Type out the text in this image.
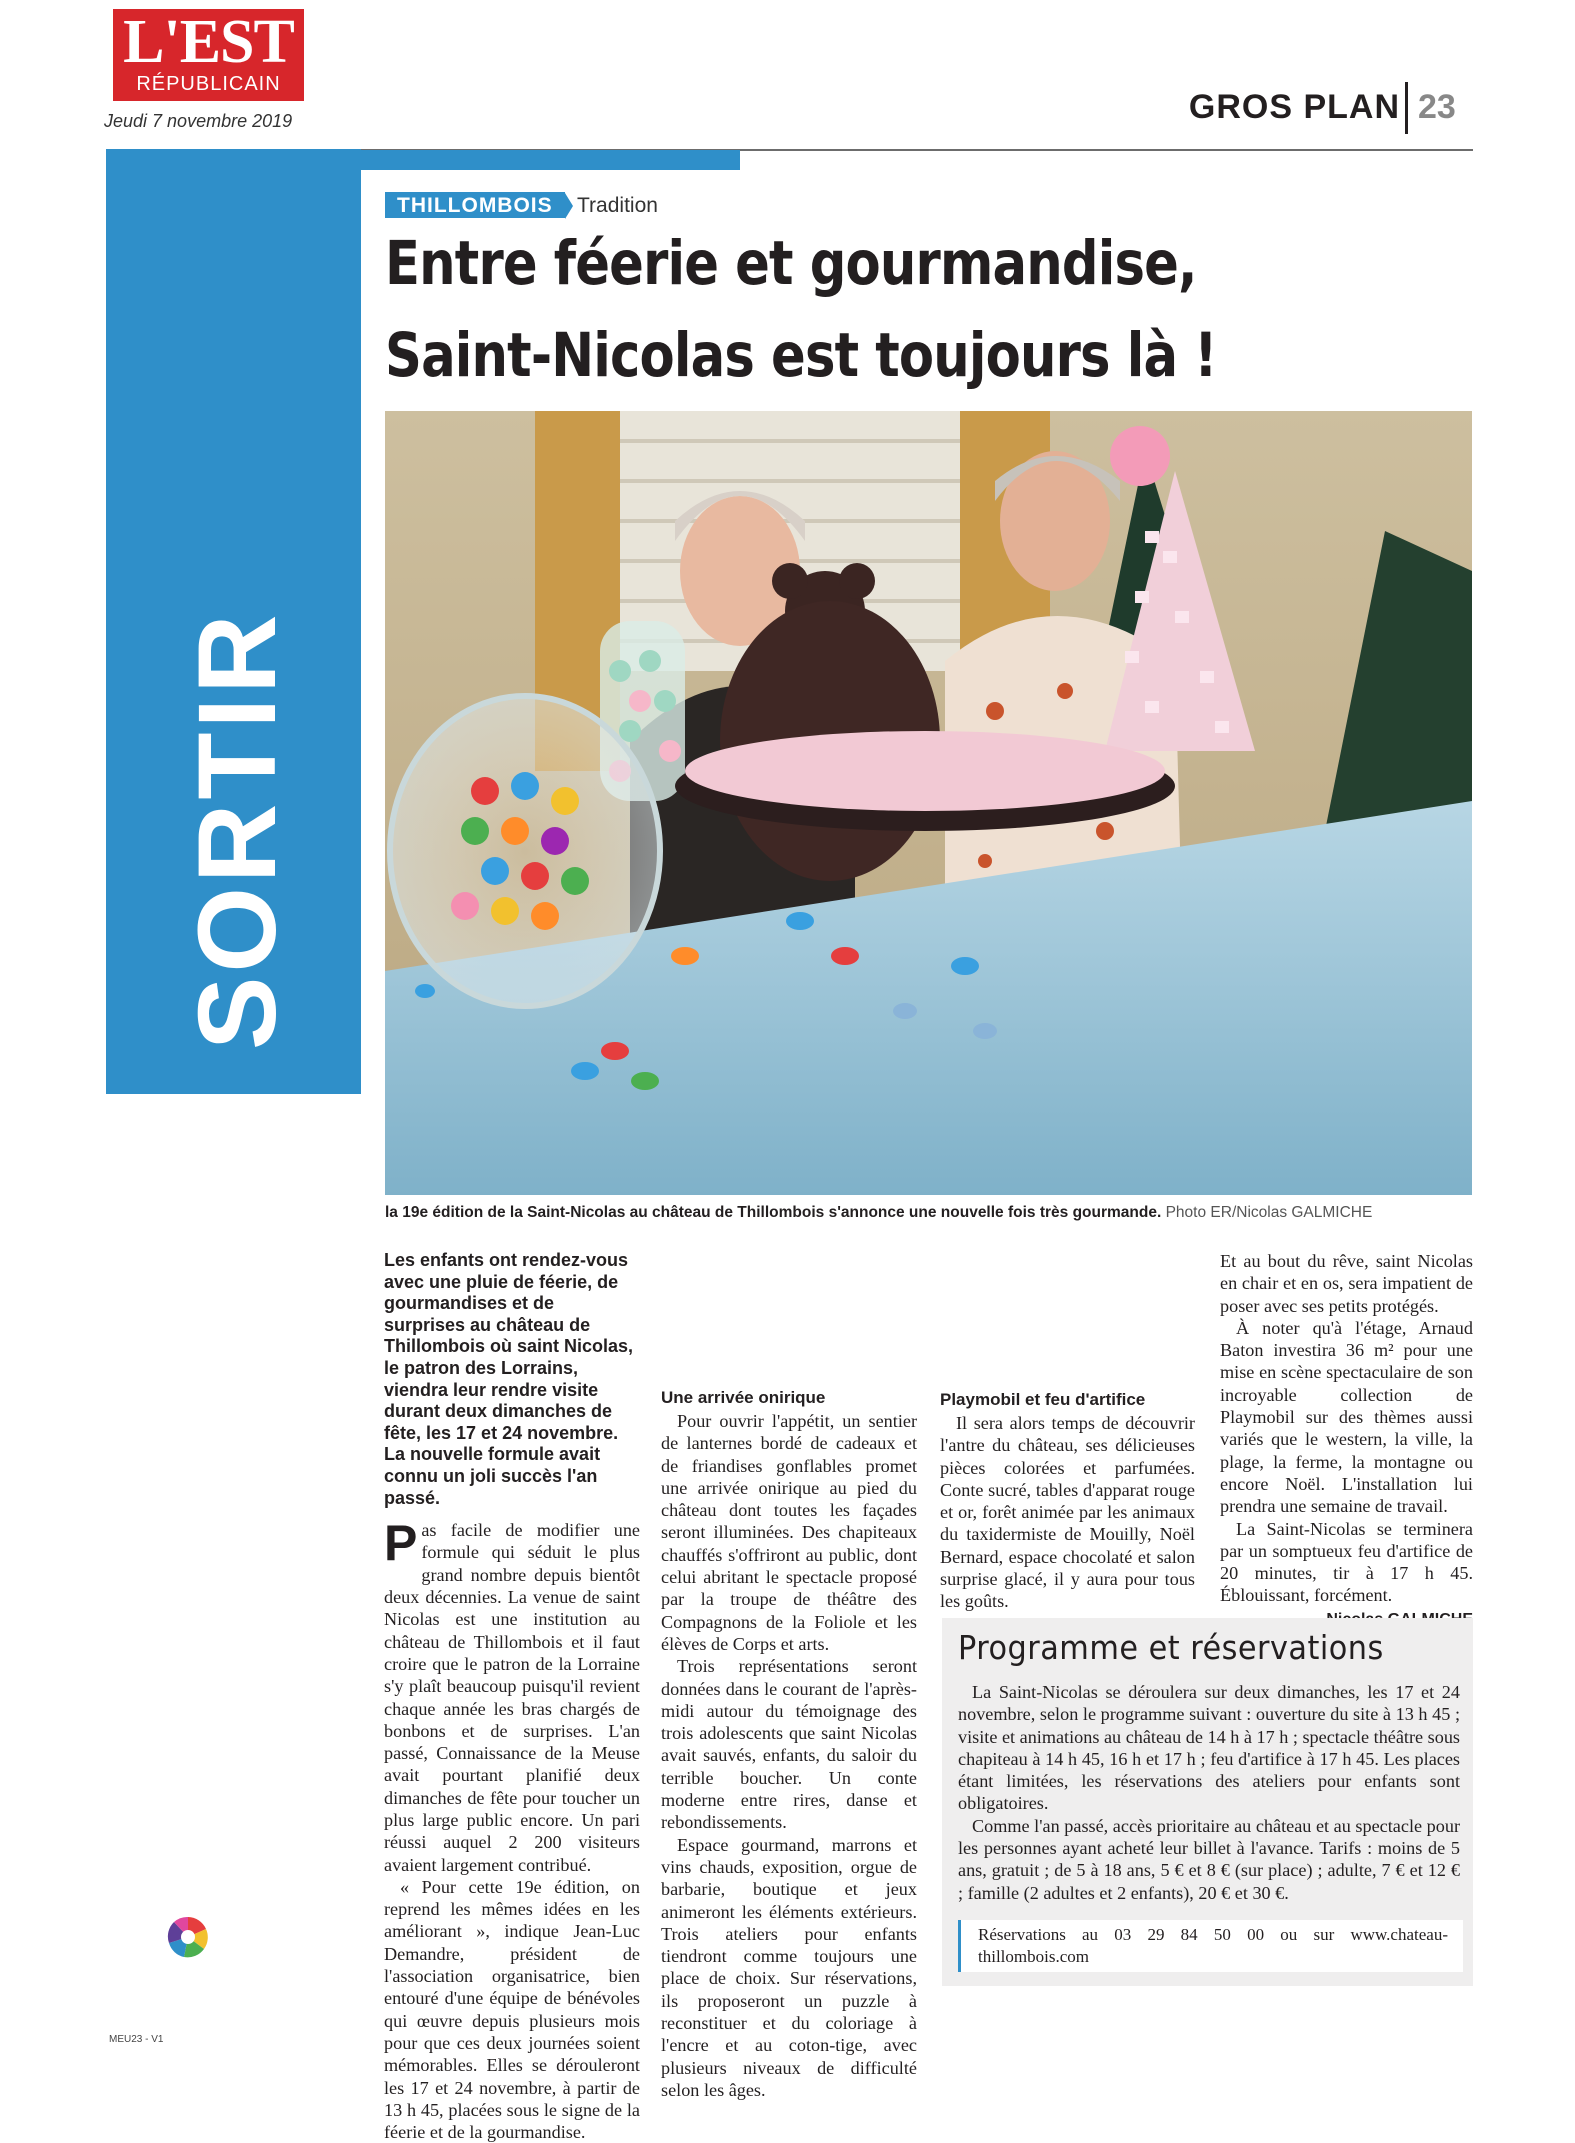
L'EST
RÉPUBLICAIN
Jeudi 7 novembre 2019	GROS PLAN 23
SORTIR
THILLOMBOIS	Tradition
Entre féerie et gourmandise,
Saint-Nicolas est toujours là !
la 19e édition de la Saint-Nicolas au château de Thillombois s'annonce une nouvelle fois très gourmande. Photo ER/Nicolas GALMICHE
Les enfants ont rendez-vous avec une pluie de féerie, de gourmandises et de surprises au château de Thillombois où saint Nicolas, le patron des Lorrains, viendra leur rendre visite durant deux dimanches de fête, les 17 et 24 novembre. La nouvelle formule avait connu un joli succès l'an passé.

Pas facile de modifier une formule qui séduit le plus grand nombre depuis bientôt deux décennies. La venue de saint Nicolas est une institution au château de Thillombois et il faut croire que le patron de la Lorraine s'y plaît beaucoup puisqu'il revient chaque année les bras chargés de bonbons et de surprises. L'an passé, Connaissance de la Meuse avait pourtant planifié deux dimanches de fête pour toucher un plus large public encore. Un pari réussi auquel 2 200 visiteurs avaient largement contribué.

« Pour cette 19e édition, on reprend les mêmes idées en les améliorant », indique Jean-Luc Demandre, président de l'association organisatrice, bien entouré d'une équipe de bénévoles qui œuvre depuis plusieurs mois pour que ces deux journées soient mémorables. Elles se dérouleront les 17 et 24 novembre, à partir de 13 h 45, placées sous le signe de la féerie et de la gourmandise.

Une arrivée onirique

Pour ouvrir l'appétit, un sentier de lanternes bordé de cadeaux et de friandises gonflables promet une arrivée onirique au pied du château dont toutes les façades seront illuminées. Des chapiteaux chauffés s'offriront au public, dont celui abritant le spectacle proposé par la troupe de théâtre des Compagnons de la Foliole et les élèves de Corps et arts.

Trois représentations seront données dans le courant de l'après-midi autour du témoignage des trois adolescents que saint Nicolas avait sauvés, enfants, du saloir du terrible boucher. Un conte moderne entre rires, danse et rebondissements.

Espace gourmand, marrons et vins chauds, exposition, orgue de barbarie, boutique et jeux animeront les éléments extérieurs. Trois ateliers pour enfants tiendront comme toujours une place de choix. Sur réservations, ils proposeront un puzzle à reconstituer et du coloriage à l'encre et au coton-tige, avec plusieurs niveaux de difficulté selon les âges.

Playmobil et feu d'artifice

Il sera alors temps de découvrir l'antre du château, ses délicieuses pièces colorées et parfumées. Conte sucré, tables d'apparat rouge et or, forêt animée par les animaux du taxidermiste de Mouilly, Noël Bernard, espace chocolaté et salon surprise glacé, il y aura pour tous les goûts.

Et au bout du rêve, saint Nicolas en chair et en os, sera impatient de poser avec ses petits protégés.

À noter qu'à l'étage, Arnaud Baton investira 36 m² pour une mise en scène spectaculaire de son incroyable collection de Playmobil sur des thèmes aussi variés que le western, la ville, la plage, la ferme, la montagne ou encore Noël. L'installation lui prendra une semaine de travail.

La Saint-Nicolas se terminera par un somptueux feu d'artifice de 20 minutes, tir à 17 h 45. Éblouissant, forcément.

Programme et réservations

La Saint-Nicolas se déroulera sur deux dimanches, les 17 et 24 novembre, selon le programme suivant : ouverture du site à 13 h 45 ; visite et animations au château de 14 h à 17 h ; spectacle théâtre sous chapiteau à 14 h 45, 16 h et 17 h ; feu d'artifice à 17 h 45. Les places étant limitées, les réservations des ateliers pour enfants sont obligatoires.

Comme l'an passé, accès prioritaire au château et au spectacle pour les personnes ayant acheté leur billet à l'avance. Tarifs : moins de 5 ans, gratuit ; de 5 à 18 ans, 5 € et 8 € (sur place) ; adulte, 7 € et 12 € ; famille (2 adultes et 2 enfants), 20 € et 30 €.

Réservations au 03 29 84 50 00 ou sur www.chateau-thillombois.com
MEU23 - V1
